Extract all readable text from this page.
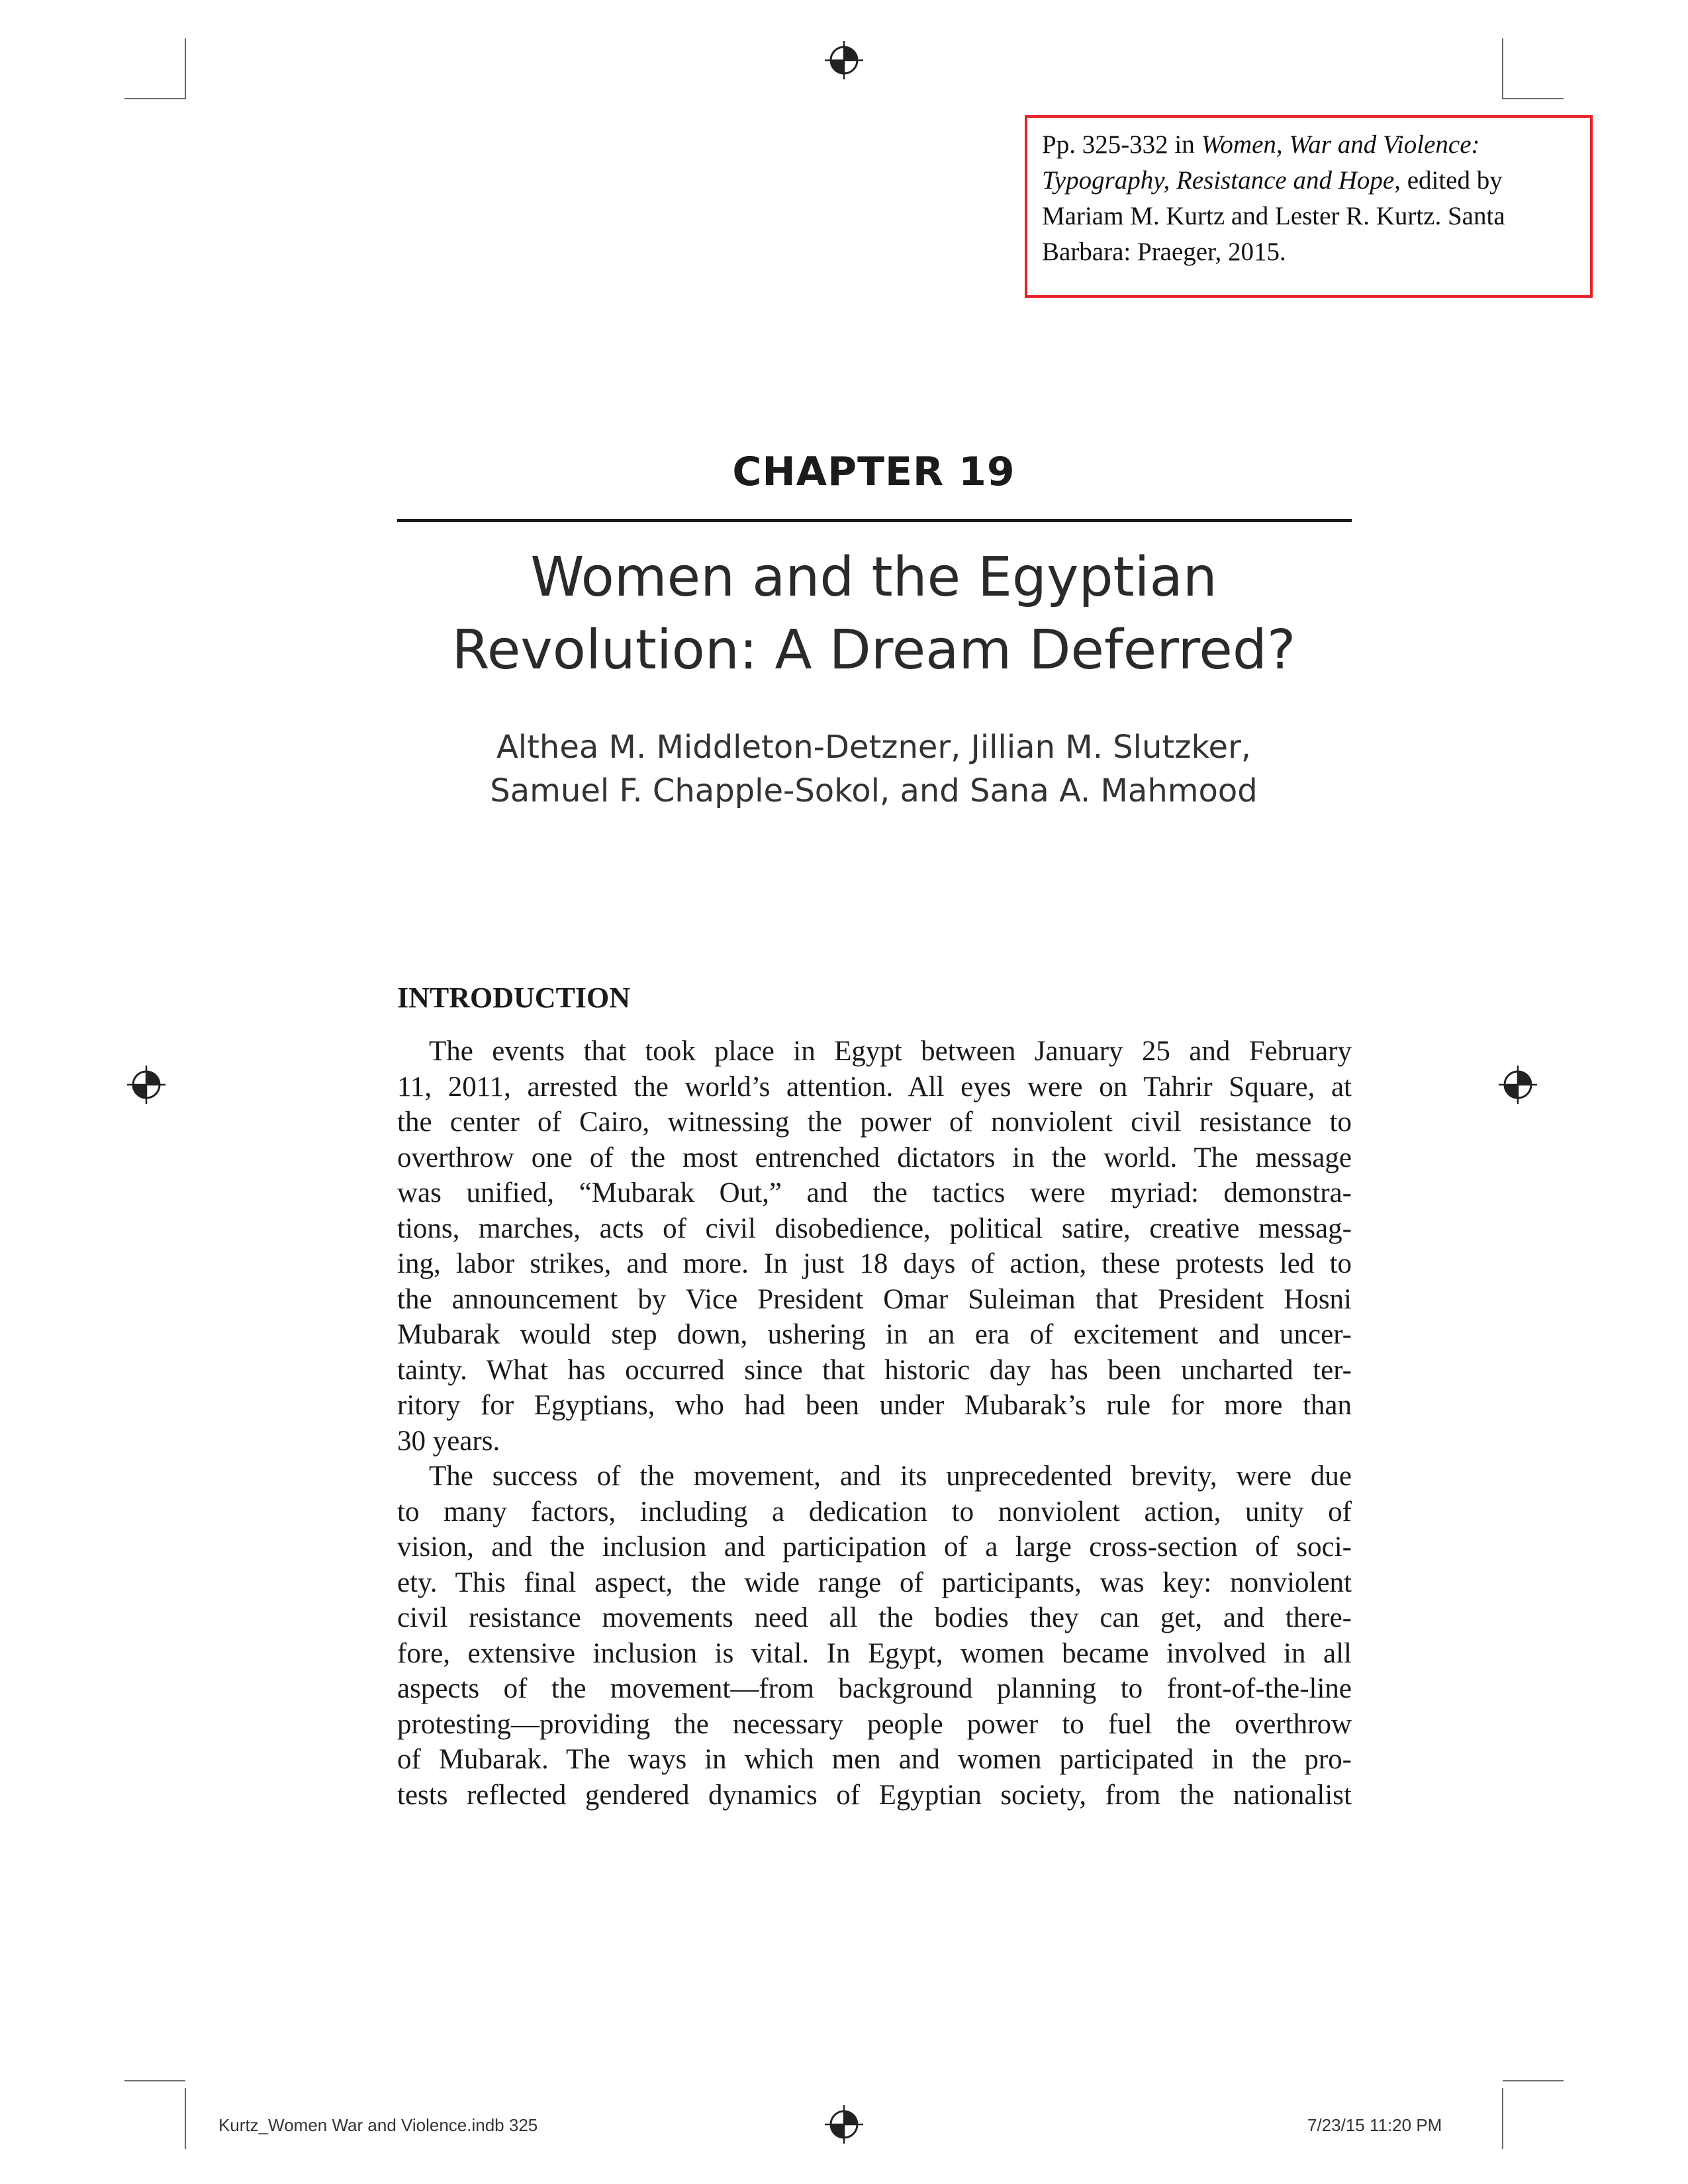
Pp. 325-332 in Women, War and Violence:
Typography, Resistance and Hope, edited by
Mariam M. Kurtz and Lester R. Kurtz. Santa
Barbara: Praeger, 2015.
CHAPTER 19
Women and the Egyptian
Revolution: A Dream Deferred?
Althea M. Middleton-Detzner, Jillian M. Slutzker,
Samuel F. Chapple-Sokol, and Sana A. Mahmood
INTRODUCTION
The events that took place in Egypt between January 25 and February
11, 2011, arrested the world’s attention. All eyes were on Tahrir Square, at
the center of Cairo, witnessing the power of nonviolent civil resistance to
overthrow one of the most entrenched dictators in the world. The message
was unified, “Mubarak Out,” and the tactics were myriad: demonstra-
tions, marches, acts of civil disobedience, political satire, creative messag-
ing, labor strikes, and more. In just 18 days of action, these protests led to
the announcement by Vice President Omar Suleiman that President Hosni
Mubarak would step down, ushering in an era of excitement and uncer-
tainty. What has occurred since that historic day has been uncharted ter-
ritory for Egyptians, who had been under Mubarak’s rule for more than
30 years.
The success of the movement, and its unprecedented brevity, were due
to many factors, including a dedication to nonviolent action, unity of
vision, and the inclusion and participation of a large cross-section of soci-
ety. This final aspect, the wide range of participants, was key: nonviolent
civil resistance movements need all the bodies they can get, and there-
fore, extensive inclusion is vital. In Egypt, women became involved in all
aspects of the movement—from background planning to front-of-the-line
protesting—providing the necessary people power to fuel the overthrow
of Mubarak. The ways in which men and women participated in the pro-
tests reflected gendered dynamics of Egyptian society, from the nationalist
Kurtz_Women War and Violence.indb 325	7/23/15 11:20 PM
